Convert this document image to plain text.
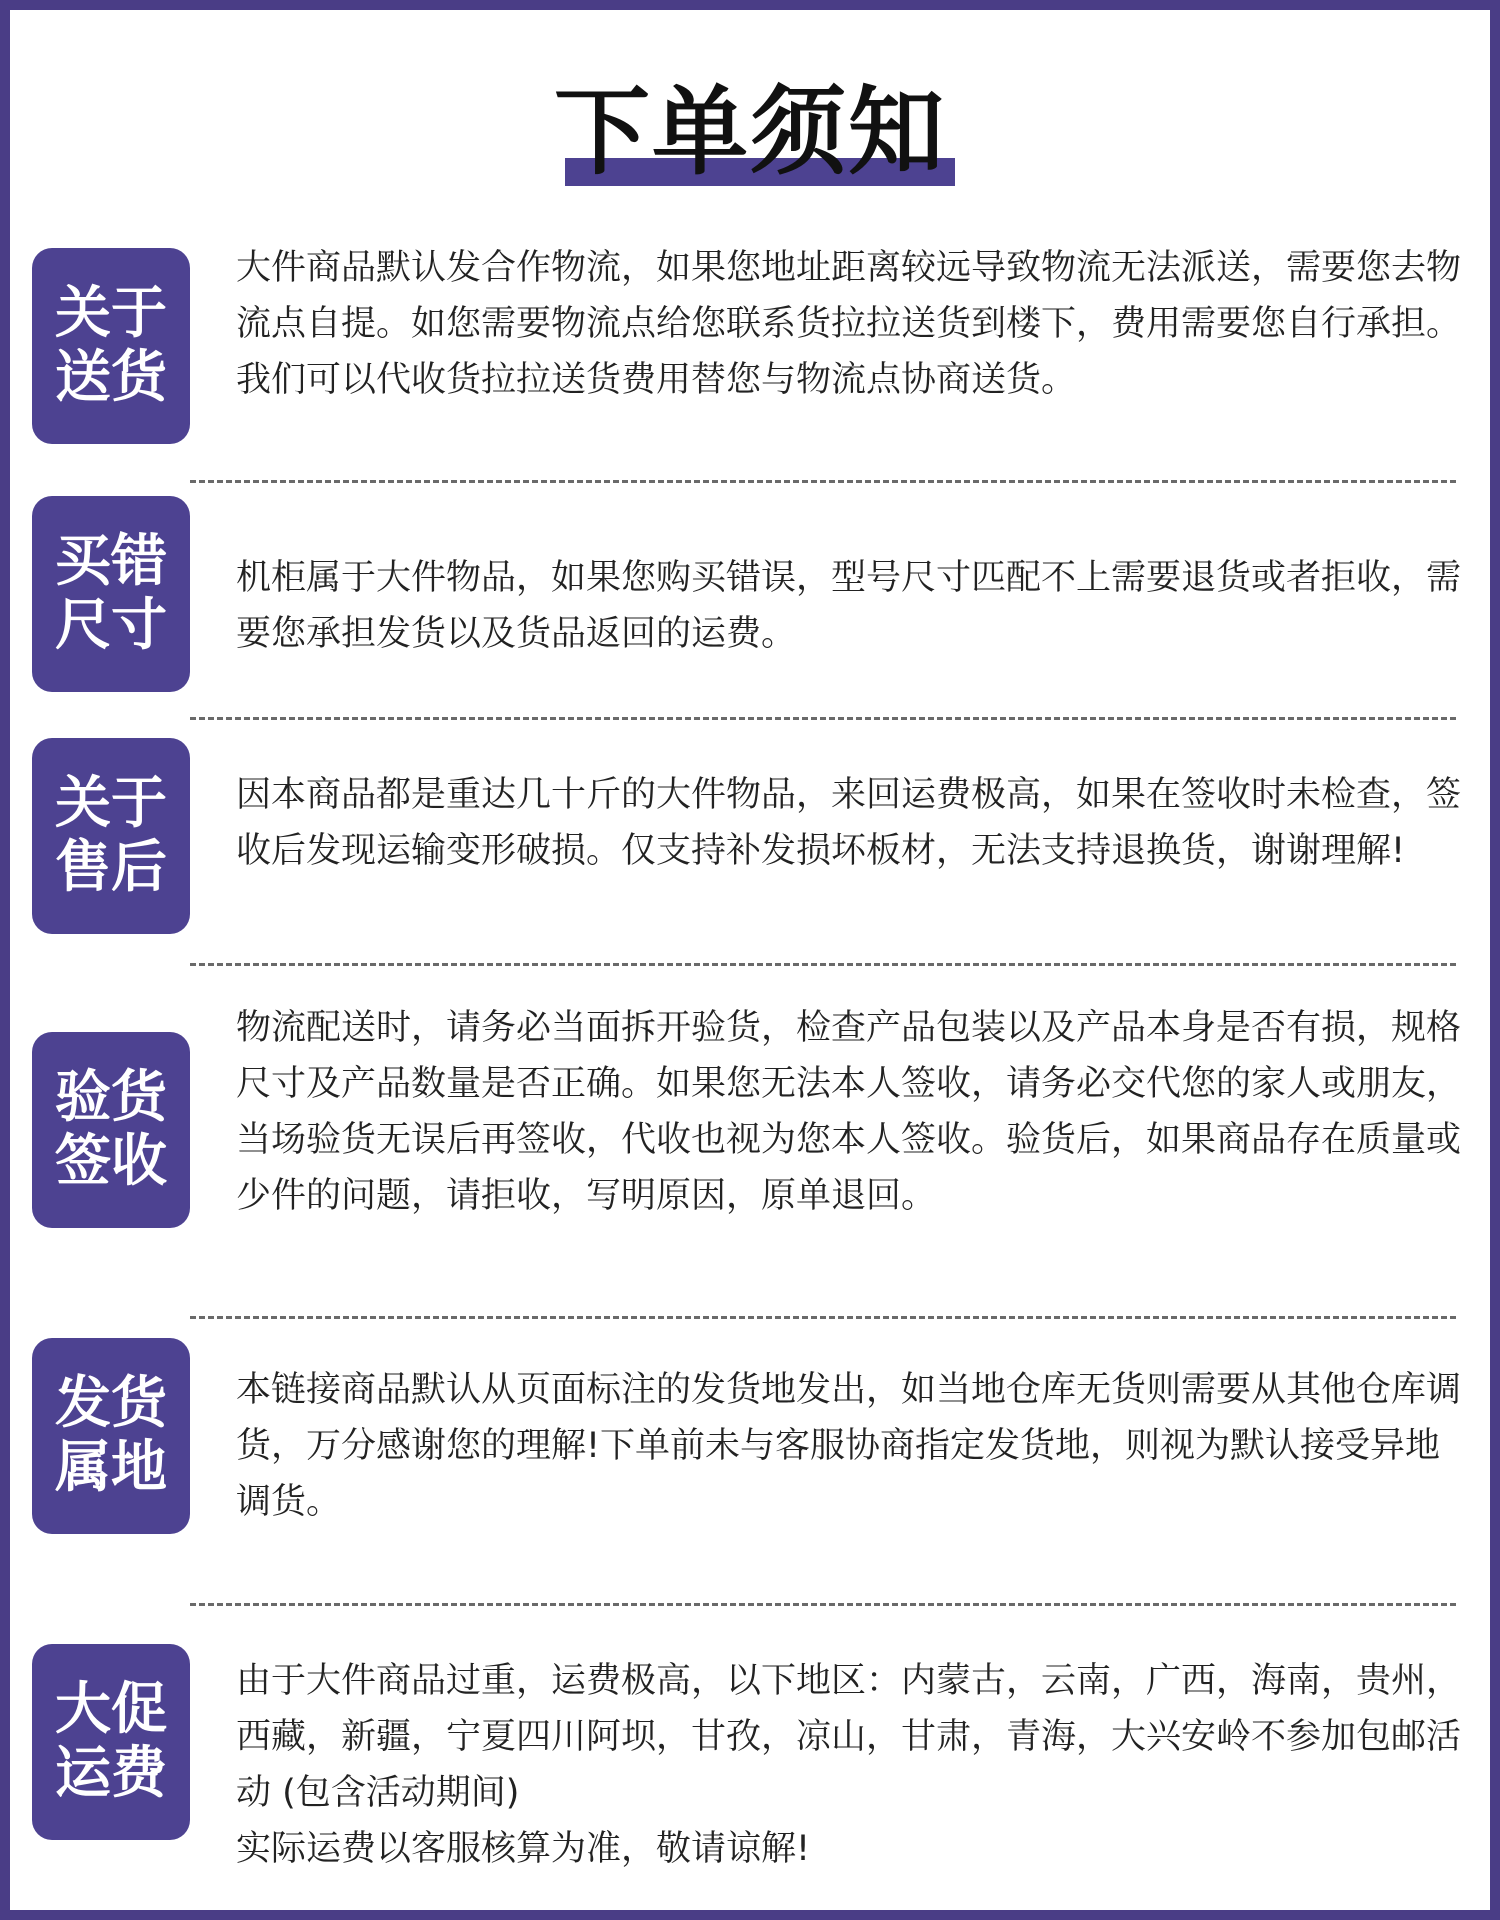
下单须知
关于送货

大件商品默认发合作物流，如果您地址距离较远导致物流无法派送，需要您去物流点自提。如您需要物流点给您联系货拉拉送货到楼下，费用需要您自行承担。我们可以代收货拉拉送货费用替您与物流点协商送货。

买错尺寸

机柜属于大件物品，如果您购买错误，型号尺寸匹配不上需要退货或者拒收，需要您承担发货以及货品返回的运费。

关于售后

因本商品都是重达几十斤的大件物品，来回运费极高，如果在签收时未检查，签收后发现运输变形破损。仅支持补发损坏板材，无法支持退换货，谢谢理解!

验货签收

物流配送时，请务必当面拆开验货，检查产品包装以及产品本身是否有损，规格尺寸及产品数量是否正确。如果您无法本人签收，请务必交代您的家人或朋友，当场验货无误后再签收，代收也视为您本人签收。验货后，如果商品存在质量或少件的问题，请拒收，写明原因，原单退回。

发货属地

本链接商品默认从页面标注的发货地发出，如当地仓库无货则需要从其他仓库调货，万分感谢您的理解!下单前未与客服协商指定发货地，则视为默认接受异地调货。

大促运费

由于大件商品过重，运费极高，以下地区：内蒙古，云南，广西，海南，贵州，西藏，新疆，宁夏四川阿坝，甘孜，凉山，甘肃，青海，大兴安岭不参加包邮活动 (包含活动期间)

实际运费以客服核算为准，敬请谅解!
